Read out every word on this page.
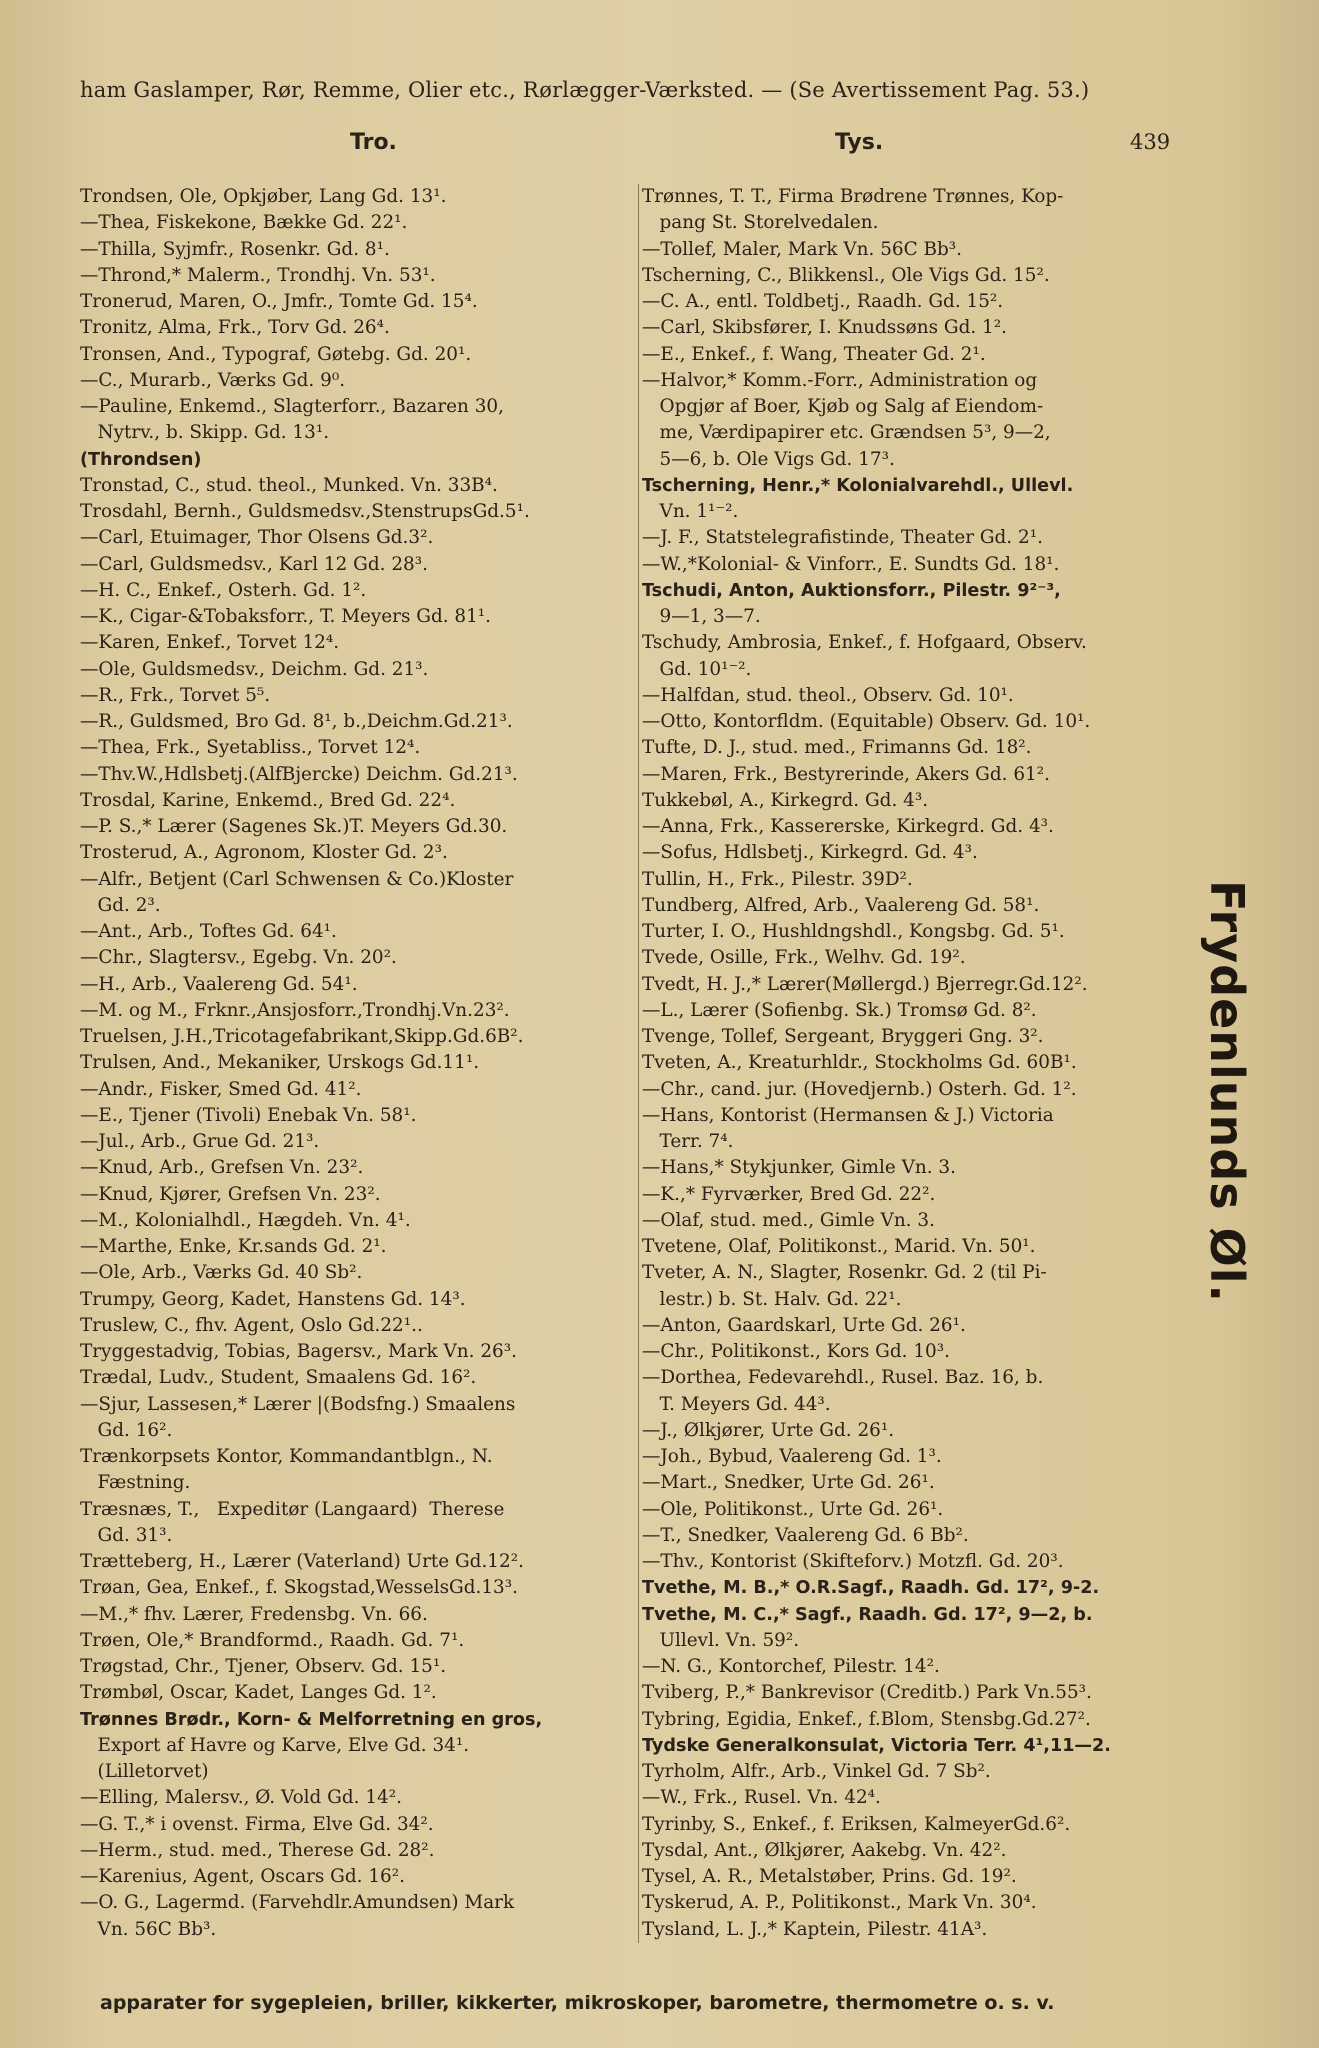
ham Gaslamper, Rør, Remme, Olier etc., Rørlægger-Værksted. — (Se Avertissement Pag. 53.)
Tro.	Tys.	439
Trondsen, Ole, Opkjøber, Lang Gd. 13¹.
—Thea, Fiskekone, Bække Gd. 22¹.
—Thilla, Syjmfr., Rosenkr. Gd. 8¹.
—Thrond,* Malerm., Trondhj. Vn. 53¹.
Tronerud, Maren, O., Jmfr., Tomte Gd. 15⁴.
Tronitz, Alma, Frk., Torv Gd. 26⁴.
Tronsen, And., Typograf, Gøtebg. Gd. 20¹.
—C., Murarb., Værks Gd. 9⁰.
—Pauline, Enkemd., Slagterforr., Bazaren 30,
Nytrv., b. Skipp. Gd. 13¹.
(Throndsen)
Tronstad, C., stud. theol., Munked. Vn. 33B⁴.
Trosdahl, Bernh., Guldsmedsv.,StenstrupsGd.5¹.
—Carl, Etuimager, Thor Olsens Gd.3².
—Carl, Guldsmedsv., Karl 12 Gd. 28³.
—H. C., Enkef., Osterh. Gd. 1².
—K., Cigar-&Tobaksforr., T. Meyers Gd. 81¹.
—Karen, Enkef., Torvet 12⁴.
—Ole, Guldsmedsv., Deichm. Gd. 21³.
—R., Frk., Torvet 5⁵.
—R., Guldsmed, Bro Gd. 8¹, b.,Deichm.Gd.21³.
—Thea, Frk., Syetabliss., Torvet 12⁴.
—Thv.W.,Hdlsbetj.(AlfBjercke) Deichm. Gd.21³.
Trosdal, Karine, Enkemd., Bred Gd. 22⁴.
—P. S.,* Lærer (Sagenes Sk.)T. Meyers Gd.30.
Trosterud, A., Agronom, Kloster Gd. 2³.
—Alfr., Betjent (Carl Schwensen & Co.)Kloster
Gd. 2³.
—Ant., Arb., Toftes Gd. 64¹.
—Chr., Slagtersv., Egebg. Vn. 20².
—H., Arb., Vaalereng Gd. 54¹.
—M. og M., Frknr.,Ansjosforr.,Trondhj.Vn.23².
Truelsen, J.H.,Tricotagefabrikant,Skipp.Gd.6B².
Trulsen, And., Mekaniker, Urskogs Gd.11¹.
—Andr., Fisker, Smed Gd. 41².
—E., Tjener (Tivoli) Enebak Vn. 58¹.
—Jul., Arb., Grue Gd. 21³.
—Knud, Arb., Grefsen Vn. 23².
—Knud, Kjører, Grefsen Vn. 23².
—M., Kolonialhdl., Hægdeh. Vn. 4¹.
—Marthe, Enke, Kr.sands Gd. 2¹.
—Ole, Arb., Værks Gd. 40 Sb².
Trumpy, Georg, Kadet, Hanstens Gd. 14³.
Truslew, C., fhv. Agent, Oslo Gd.22¹..
Tryggestadvig, Tobias, Bagersv., Mark Vn. 26³.
Trædal, Ludv., Student, Smaalens Gd. 16².
—Sjur, Lassesen,* Lærer |(Bodsfng.) Smaalens
Gd. 16².
Trænkorpsets Kontor, Kommandantblgn., N.
Fæstning.
Træsnæs, T.,   Expeditør (Langaard)  Therese
Gd. 31³.
Trætteberg, H., Lærer (Vaterland) Urte Gd.12².
Trøan, Gea, Enkef., f. Skogstad,WesselsGd.13³.
—M.,* fhv. Lærer, Fredensbg. Vn. 66.
Trøen, Ole,* Brandformd., Raadh. Gd. 7¹.
Trøgstad, Chr., Tjener, Observ. Gd. 15¹.
Trømbøl, Oscar, Kadet, Langes Gd. 1².
Trønnes Brødr., Korn- & Melforretning en gros,
Export af Havre og Karve, Elve Gd. 34¹.
(Lilletorvet)
—Elling, Malersv., Ø. Vold Gd. 14².
—G. T.,* i ovenst. Firma, Elve Gd. 34².
—Herm., stud. med., Therese Gd. 28².
—Karenius, Agent, Oscars Gd. 16².
—O. G., Lagermd. (Farvehdlr.Amundsen) Mark
Vn. 56C Bb³.
Trønnes, T. T., Firma Brødrene Trønnes, Kop-
pang St. Storelvedalen.
—Tollef, Maler, Mark Vn. 56C Bb³.
Tscherning, C., Blikkensl., Ole Vigs Gd. 15².
—C. A., entl. Toldbetj., Raadh. Gd. 15².
—Carl, Skibsfører, I. Knudssøns Gd. 1².
—E., Enkef., f. Wang, Theater Gd. 2¹.
—Halvor,* Komm.-Forr., Administration og
Opgjør af Boer, Kjøb og Salg af Eiendom-
me, Værdipapirer etc. Grændsen 5³, 9—2,
5—6, b. Ole Vigs Gd. 17³.
Tscherning, Henr.,* Kolonialvarehdl., Ullevl.
Vn. 1¹⁻².
—J. F., Statstelegrafistinde, Theater Gd. 2¹.
—W.,*Kolonial- & Vinforr., E. Sundts Gd. 18¹.
Tschudi, Anton, Auktionsforr., Pilestr. 9²⁻³,
9—1, 3—7.
Tschudy, Ambrosia, Enkef., f. Hofgaard, Observ.
Gd. 10¹⁻².
—Halfdan, stud. theol., Observ. Gd. 10¹.
—Otto, Kontorfldm. (Equitable) Observ. Gd. 10¹.
Tufte, D. J., stud. med., Frimanns Gd. 18².
—Maren, Frk., Bestyrerinde, Akers Gd. 61².
Tukkebøl, A., Kirkegrd. Gd. 4³.
—Anna, Frk., Kassererske, Kirkegrd. Gd. 4³.
—Sofus, Hdlsbetj., Kirkegrd. Gd. 4³.
Tullin, H., Frk., Pilestr. 39D².
Tundberg, Alfred, Arb., Vaalereng Gd. 58¹.
Turter, I. O., Hushldngshdl., Kongsbg. Gd. 5¹.
Tvede, Osille, Frk., Welhv. Gd. 19².
Tvedt, H. J.,* Lærer(Møllergd.) Bjerregr.Gd.12².
—L., Lærer (Sofienbg. Sk.) Tromsø Gd. 8².
Tvenge, Tollef, Sergeant, Bryggeri Gng. 3².
Tveten, A., Kreaturhldr., Stockholms Gd. 60B¹.
—Chr., cand. jur. (Hovedjernb.) Osterh. Gd. 1².
—Hans, Kontorist (Hermansen & J.) Victoria
Terr. 7⁴.
—Hans,* Stykjunker, Gimle Vn. 3.
—K.,* Fyrværker, Bred Gd. 22².
—Olaf, stud. med., Gimle Vn. 3.
Tvetene, Olaf, Politikonst., Marid. Vn. 50¹.
Tveter, A. N., Slagter, Rosenkr. Gd. 2 (til Pi-
lestr.) b. St. Halv. Gd. 22¹.
—Anton, Gaardskarl, Urte Gd. 26¹.
—Chr., Politikonst., Kors Gd. 10³.
—Dorthea, Fedevarehdl., Rusel. Baz. 16, b.
T. Meyers Gd. 44³.
—J., Ølkjører, Urte Gd. 26¹.
—Joh., Bybud, Vaalereng Gd. 1³.
—Mart., Snedker, Urte Gd. 26¹.
—Ole, Politikonst., Urte Gd. 26¹.
—T., Snedker, Vaalereng Gd. 6 Bb².
—Thv., Kontorist (Skifteforv.) Motzfl. Gd. 20³.
Tvethe, M. B.,* O.R.Sagf., Raadh. Gd. 17², 9-2.
Tvethe, M. C.,* Sagf., Raadh. Gd. 17², 9—2, b.
Ullevl. Vn. 59².
—N. G., Kontorchef, Pilestr. 14².
Tviberg, P.,* Bankrevisor (Creditb.) Park Vn.55³.
Tybring, Egidia, Enkef., f.Blom, Stensbg.Gd.27².
Tydske Generalkonsulat, Victoria Terr. 4¹,11—2.
Tyrholm, Alfr., Arb., Vinkel Gd. 7 Sb².
—W., Frk., Rusel. Vn. 42⁴.
Tyrinby, S., Enkef., f. Eriksen, KalmeyerGd.6².
Tysdal, Ant., Ølkjører, Aakebg. Vn. 42².
Tysel, A. R., Metalstøber, Prins. Gd. 19².
Tyskerud, A. P., Politikonst., Mark Vn. 30⁴.
Tysland, L. J.,* Kaptein, Pilestr. 41A³.
Frydenlunds Øl.
apparater for sygepleien, briller, kikkerter, mikroskoper, barometre, thermometre o. s. v.
